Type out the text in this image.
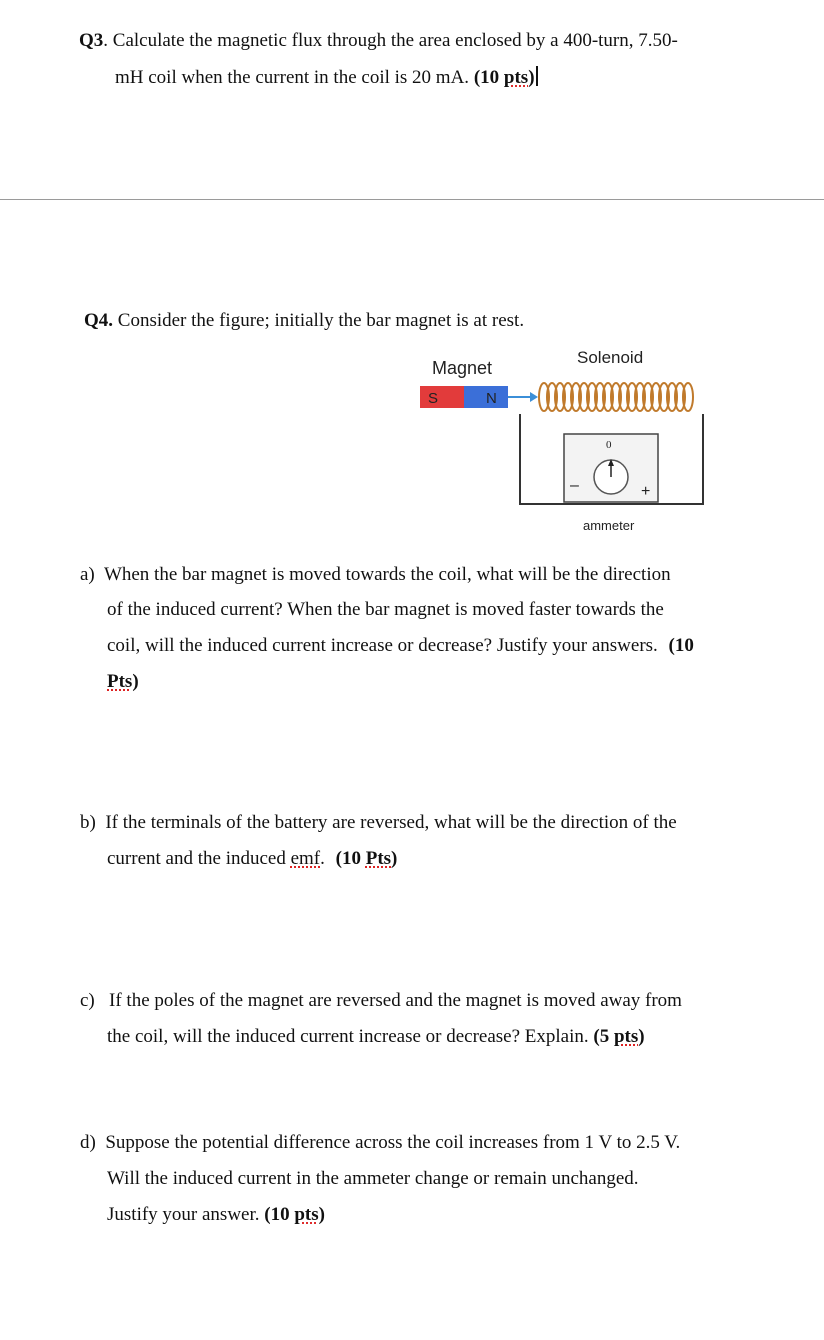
Q3. Calculate the magnetic flux through the area enclosed by a 400-turn, 7.50-
mH coil when the current in the coil is 20 mA. (10 pts)
Q4. Consider the figure; initially the bar magnet is at rest.
Magnet
Solenoid
S	N
0
–	+
ammeter
a) When the bar magnet is moved towards the coil, what will be the direction
of the induced current? When the bar magnet is moved faster towards the
coil, will the induced current increase or decrease? Justify your answers. (10
Pts)
b) If the terminals of the battery are reversed, what will be the direction of the
current and the induced emf. (10 Pts)
c) If the poles of the magnet are reversed and the magnet is moved away from
the coil, will the induced current increase or decrease? Explain. (5 pts)
d) Suppose the potential difference across the coil increases from 1 V to 2.5 V.
Will the induced current in the ammeter change or remain unchanged.
Justify your answer. (10 pts)
